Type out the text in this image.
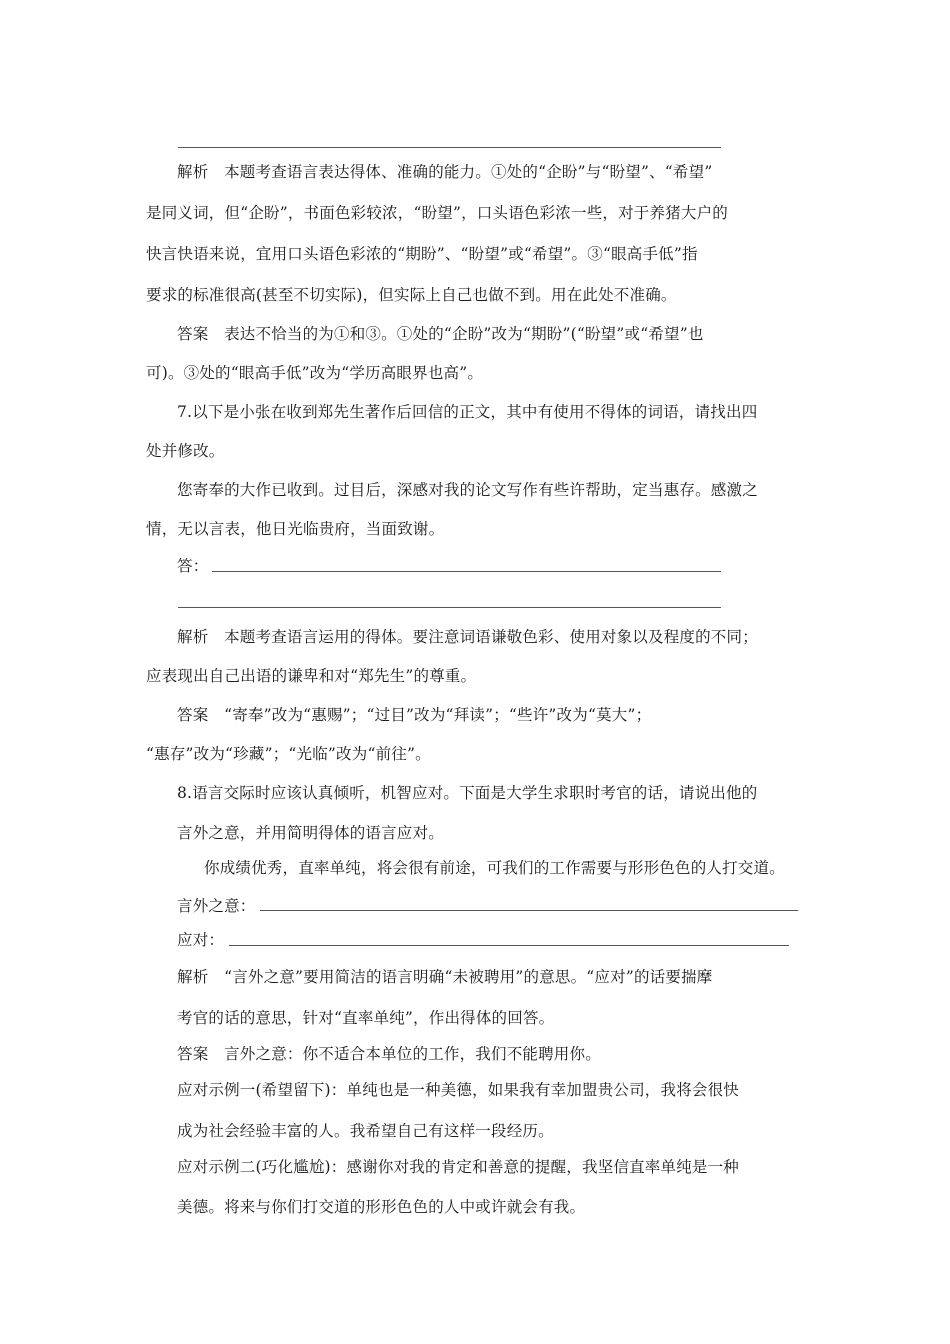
解析　本题考查语言表达得体、准确的能力。①处的“企盼”与“盼望”、“希望”
是同义词，但“企盼”，书面色彩较浓，“盼望”，口头语色彩浓一些，对于养猪大户的
快言快语来说，宜用口头语色彩浓的“期盼”、“盼望”或“希望”。③“眼高手低”指
要求的标准很高(甚至不切实际)，但实际上自己也做不到。用在此处不准确。
答案　表达不恰当的为①和③。①处的“企盼”改为“期盼”(“盼望”或“希望”也
可)。③处的“眼高手低”改为“学历高眼界也高”。
7.以下是小张在收到郑先生著作后回信的正文，其中有使用不得体的词语，请找出四
处并修改。
您寄奉的大作已收到。过目后，深感对我的论文写作有些许帮助，定当惠存。感激之
情，无以言表，他日光临贵府，当面致谢。
答：
解析　本题考查语言运用的得体。要注意词语谦敬色彩、使用对象以及程度的不同；
应表现出自己出语的谦卑和对“郑先生”的尊重。
答案　“寄奉”改为“惠赐”；“过目”改为“拜读”；“些许”改为“莫大”；
“惠存”改为“珍藏”；“光临”改为“前往”。
8.语言交际时应该认真倾听，机智应对。下面是大学生求职时考官的话，请说出他的
言外之意，并用简明得体的语言应对。
你成绩优秀，直率单纯，将会很有前途，可我们的工作需要与形形色色的人打交道。
言外之意：
应对：
解析　“言外之意”要用简洁的语言明确“未被聘用”的意思。“应对”的话要揣摩
考官的话的意思，针对“直率单纯”，作出得体的回答。
答案　言外之意：你不适合本单位的工作，我们不能聘用你。
应对示例一(希望留下)：单纯也是一种美德，如果我有幸加盟贵公司，我将会很快
成为社会经验丰富的人。我希望自己有这样一段经历。
应对示例二(巧化尴尬)：感谢你对我的肯定和善意的提醒，我坚信直率单纯是一种
美德。将来与你们打交道的形形色色的人中或许就会有我。
